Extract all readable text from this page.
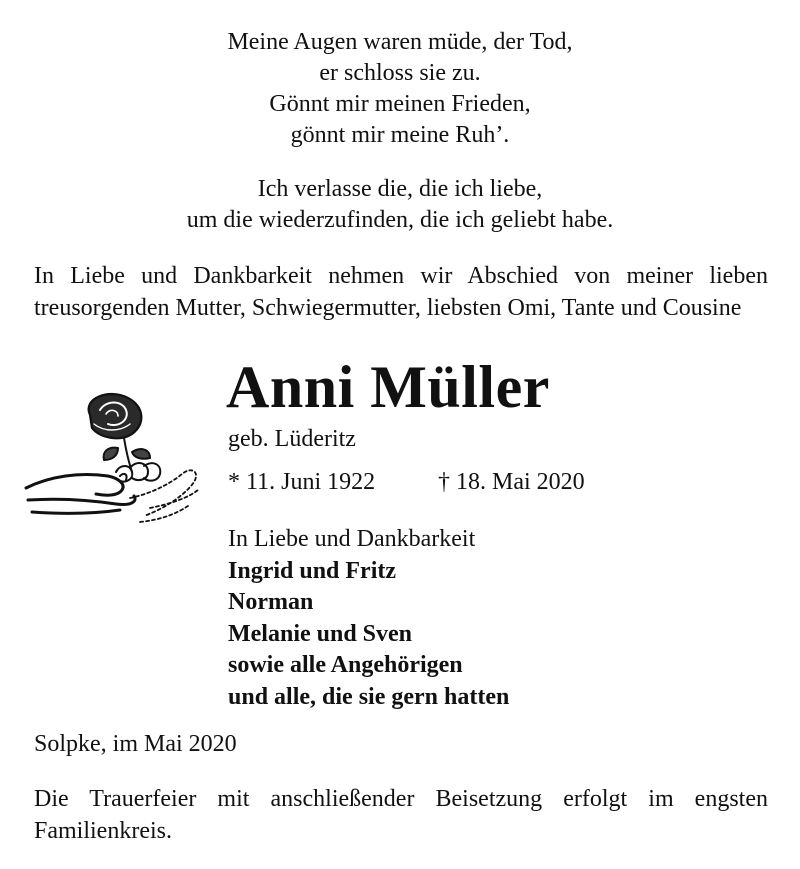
Meine Augen waren müde, der Tod,
er schloss sie zu.
Gönnt mir meinen Frieden,
gönnt mir meine Ruh’.
Ich verlasse die, die ich liebe,
um die wiederzufinden, die ich geliebt habe.
In Liebe und Dankbarkeit nehmen wir Abschied von meiner lieben treusorgenden Mutter, Schwiegermutter, liebsten Omi, Tante und Cousine
Anni Müller
geb. Lüderitz
* 11. Juni 1922	† 18. Mai 2020
In Liebe und Dankbarkeit
Ingrid und Fritz
Norman
Melanie und Sven
sowie alle Angehörigen
und alle, die sie gern hatten
Solpke, im Mai 2020
Die Trauerfeier mit anschließender Beisetzung erfolgt im engsten Familienkreis.
